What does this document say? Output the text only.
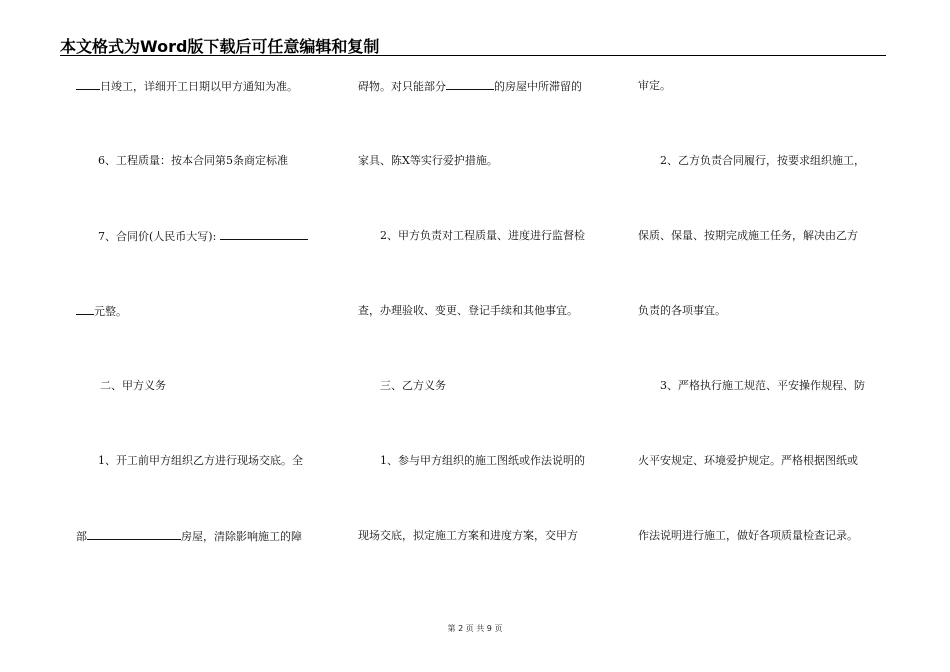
本文格式为Word版下载后可任意编辑和复制
日竣工，详细开工日期以甲方通知为准。
6、工程质量：按本合同第5条商定标准
7、合同价(人民币大写):
元整。
二、甲方义务
1、开工前甲方组织乙方进行现场交底。全
部	房屋，清除影响施工的障
碍物。对只能部分	的房屋中所滞留的
家具、陈X等实行爱护措施。
2、甲方负责对工程质量、进度进行监督检
查，办理验收、变更、登记手续和其他事宜。
三、乙方义务
1、参与甲方组织的施工图纸或作法说明的
现场交底，拟定施工方案和进度方案，交甲方
审定。
2、乙方负责合同履行，按要求组织施工，
保质、保量、按期完成施工任务，解决由乙方
负责的各项事宜。
3、严格执行施工规范、平安操作规程、防
火平安规定、环境爱护规定。严格根据图纸或
作法说明进行施工，做好各项质量检查记录。
第 2 页 共 9 页
